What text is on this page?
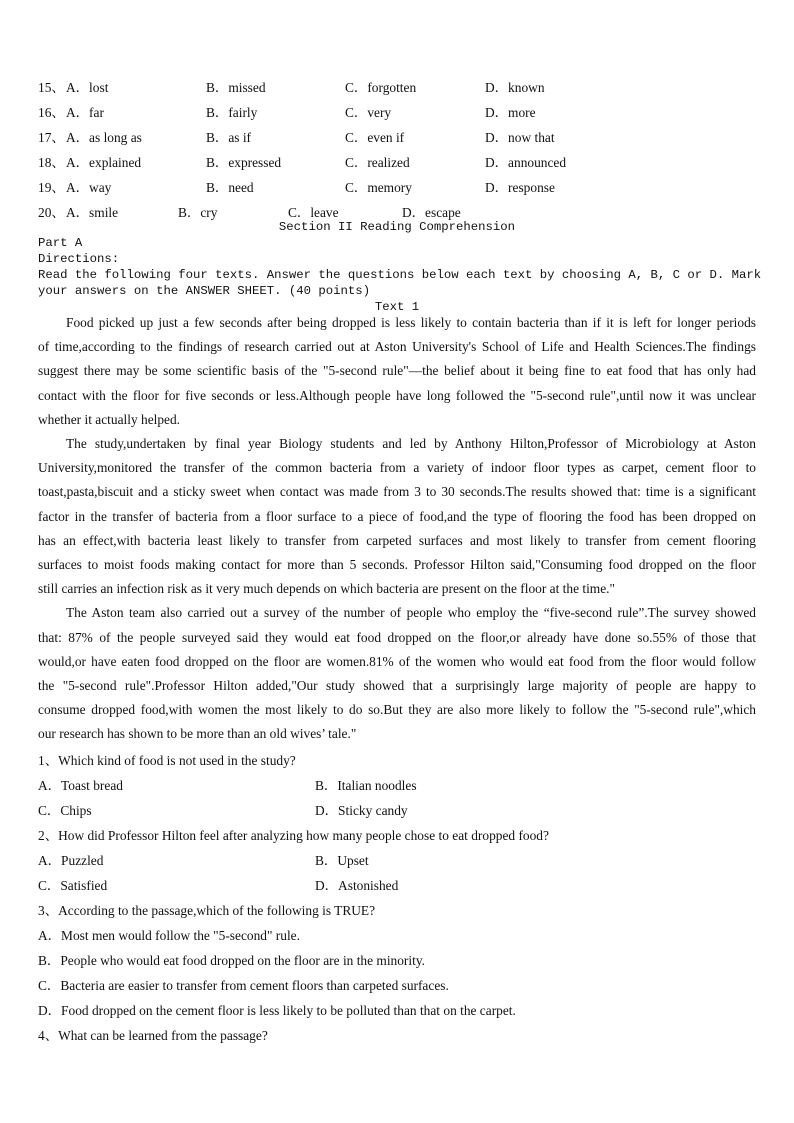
15、 A．lost	B．missed	C．forgotten	D．known
16、 A．far	B．fairly	C．very	D．more
17、 A．as long as	B．as if	C．even if	D．now that
18、 A．explained	B．expressed	C．realized	D．announced
19、 A．way	B．need	C．memory	D．response
20、 A．smile	B．cry	C．leave	D．escape
Section II Reading Comprehension
Part A
Directions:
Read the following four texts. Answer the questions below each text by choosing A, B, C or D. Mark
your answers on the ANSWER SHEET. (40 points)
Text 1
Food picked up just a few seconds after being dropped is less likely to contain bacteria than if it is left for longer periods
of time,according to the findings of research carried out at Aston University's School of Life and Health Sciences.The findings
suggest there may be some scientific basis of the "5-second rule"—the belief about it being fine to eat food that has only had
contact with the floor for five seconds or less.Although people have long followed the "5-second rule",until now it was unclear
whether it actually helped.
The study,undertaken by final year Biology students and led by Anthony Hilton,Professor of Microbiology at Aston
University,monitored the transfer of the common bacteria from a variety of indoor floor types as carpet, cement floor to
toast,pasta,biscuit and a sticky sweet when contact was made from 3 to 30 seconds.The results showed that: time is a significant
factor in the transfer of bacteria from a floor surface to a piece of food,and the type of flooring the food has been dropped on
has an effect,with bacteria least likely to transfer from carpeted surfaces and most likely to transfer from cement flooring
surfaces to moist foods making contact for more than 5 seconds. Professor Hilton said,"Consuming food dropped on the floor
still carries an infection risk as it very much depends on which bacteria are present on the floor at the time."
The Aston team also carried out a survey of the number of people who employ the “five-second rule”.The survey showed
that: 87% of the people surveyed said they would eat food dropped on the floor,or already have done so.55% of those that
would,or have eaten food dropped on the floor are women.81% of the women who would eat food from the floor would follow
the "5-second rule".Professor Hilton added,"Our study showed that a surprisingly large majority of people are happy to
consume dropped food,with women the most likely to do so.But they are also more likely to follow the "5-second rule",which
our research has shown to be more than an old wives’ tale."
1、Which kind of food is not used in the study?
A．Toast bread	B．Italian noodles
C．Chips	D．Sticky candy
2、How did Professor Hilton feel after analyzing how many people chose to eat dropped food?
A．Puzzled	B．Upset
C．Satisfied	D．Astonished
3、According to the passage,which of the following is TRUE?
A．Most men would follow the "5-second" rule.
B．People who would eat food dropped on the floor are in the minority.
C．Bacteria are easier to transfer from cement floors than carpeted surfaces.
D．Food dropped on the cement floor is less likely to be polluted than that on the carpet.
4、What can be learned from the passage?
